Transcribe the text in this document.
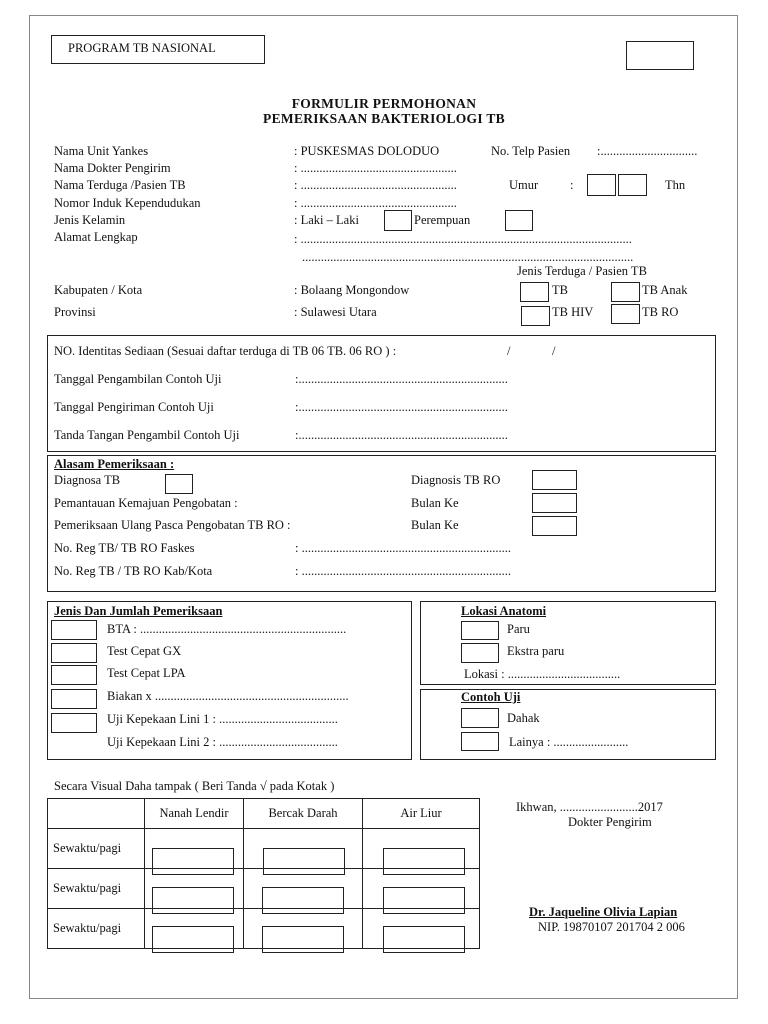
PROGRAM TB NASIONAL
FORMULIR PERMOHONAN
PEMERIKSAAN BAKTERIOLOGI TB
Nama Unit Yankes	: PUSKESMAS DOLODUO	No. Telp Pasien :...............................
Nama Dokter Pengirim	: ..................................................
Nama Terduga /Pasien TB	: ..................................................	Umur	:	Thn
Nomor Induk Kependudukan	: ..................................................
Jenis Kelamin	: Laki – Laki	Perempuan
Alamat Lengkap	: ..........................................................................................................
..........................................................................................................
Jenis Terduga / Pasien TB
Kabupaten / Kota	: Bolaang Mongondow	TB	TB Anak
Provinsi	: Sulawesi Utara	TB HIV	TB RO
NO. Identitas Sediaan (Sesuai daftar terduga di TB 06 TB. 06 RO ) :	/	/
Tanggal Pengambilan Contoh Uji	:...................................................................
Tanggal Pengiriman Contoh Uji	:...................................................................
Tanda Tangan Pengambil Contoh Uji	:...................................................................
Alasam Pemeriksaan :
Diagnosa TB	Diagnosis TB RO
Pemantauan Kemajuan Pengobatan :	Bulan Ke
Pemeriksaan Ulang Pasca Pengobatan TB RO :	Bulan Ke
No. Reg TB/ TB RO Faskes	: ...................................................................
No. Reg TB / TB RO Kab/Kota	: ...................................................................
Jenis Dan Jumlah Pemeriksaan
BTA : ..................................................................
Test Cepat GX
Test Cepat LPA
Biakan x ..............................................................
Uji Kepekaan Lini 1 : ......................................
Uji Kepekaan Lini 2 : ......................................
Lokasi Anatomi
Paru
Ekstra paru
Lokasi : ....................................
Contoh Uji
Dahak
Lainya : ........................
Secara Visual Daha tampak ( Beri Tanda √ pada Kotak )
	Nanah Lendir	Bercak Darah	Air Liur
Sewaktu/pagi			
Sewaktu/pagi			
Sewaktu/pagi			
Ikhwan, .........................2017
Dokter Pengirim
Dr. Jaqueline Olivia Lapian
NIP. 19870107 201704 2 006
